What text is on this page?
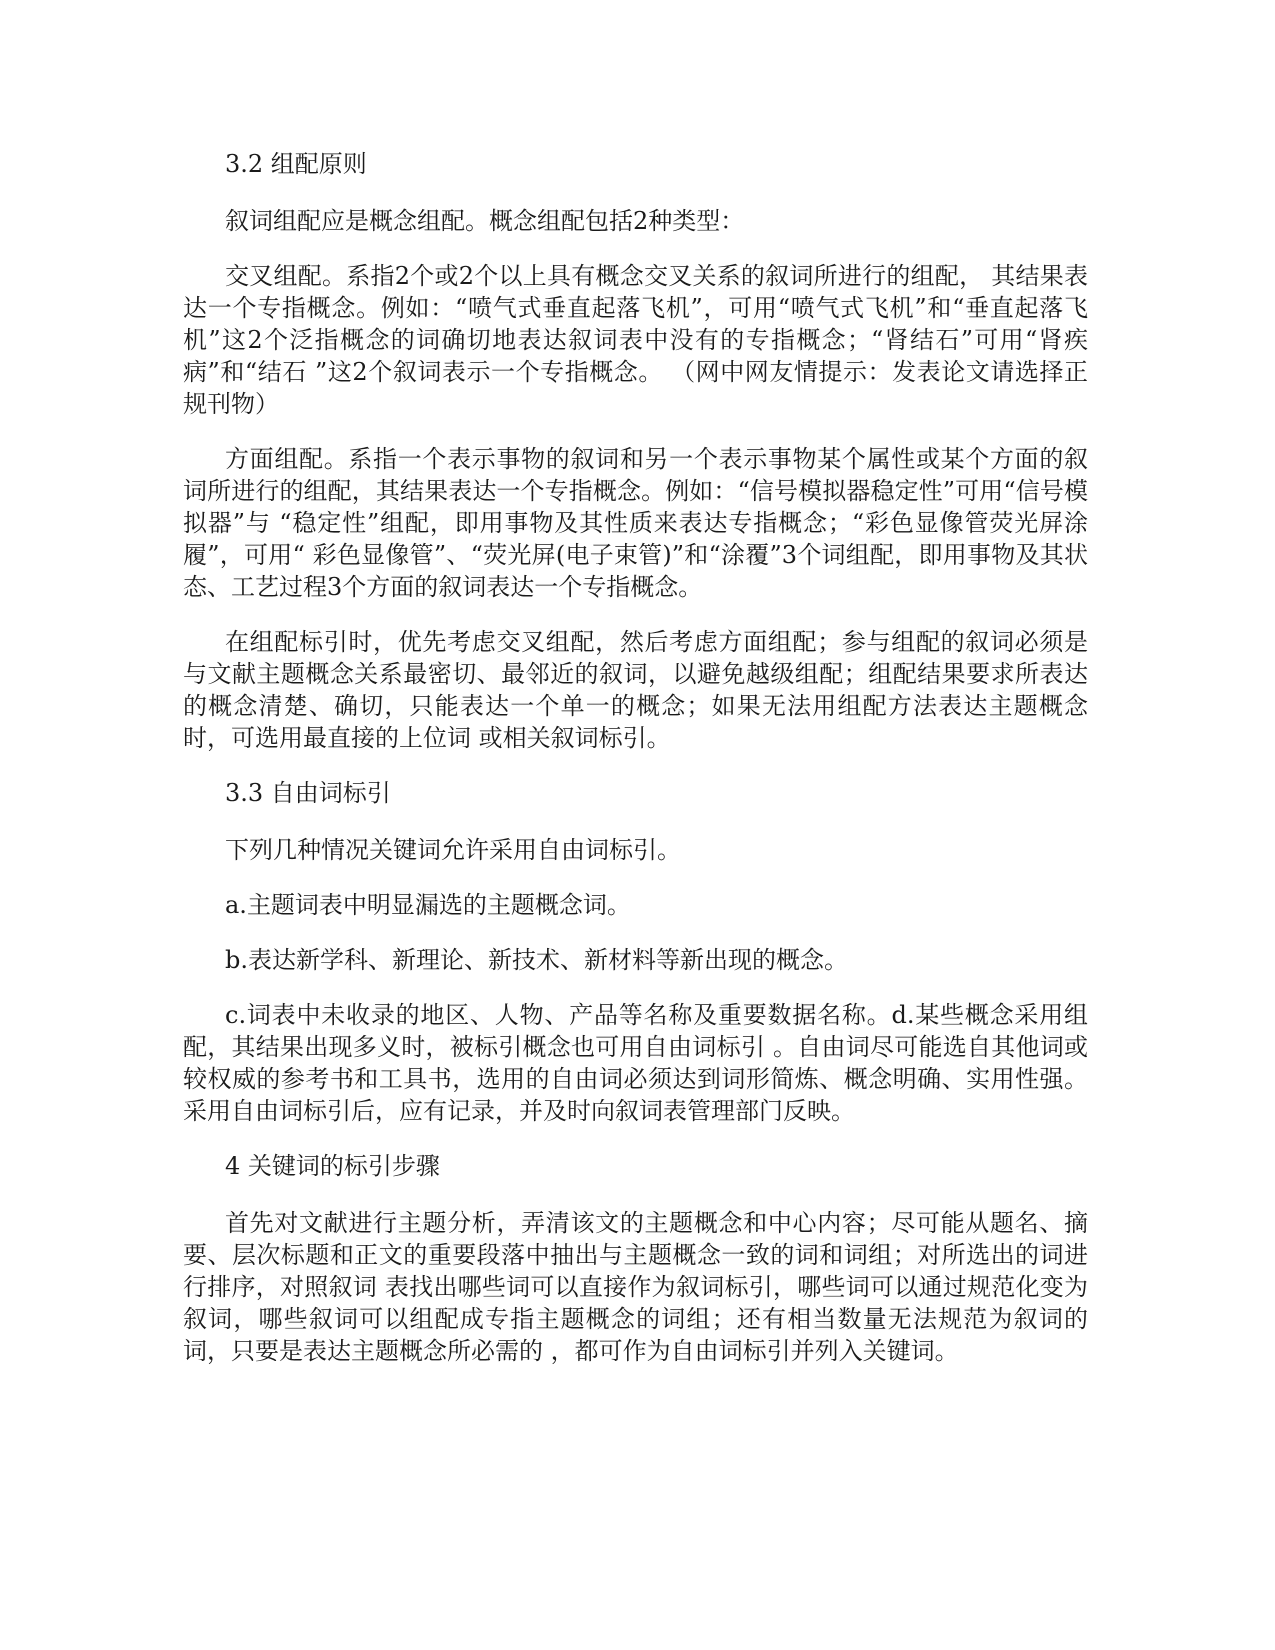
3.2 组配原则

叙词组配应是概念组配。概念组配包括2种类型：

交叉组配。系指2个或2个以上具有概念交叉关系的叙词所进行的组配， 其结果表达一个专指概念。例如：“喷气式垂直起落飞机”，可用“喷气式飞机”和“垂直起落飞机”这2个泛指概念的词确切地表达叙词表中没有的专指概念；“肾结石”可用“肾疾病”和“结石 ”这2个叙词表示一个专指概念。 （网中网友情提示：发表论文请选择正规刊物）

方面组配。系指一个表示事物的叙词和另一个表示事物某个属性或某个方面的叙词所进行的组配，其结果表达一个专指概念。例如：“信号模拟器稳定性”可用“信号模拟器”与 “稳定性”组配，即用事物及其性质来表达专指概念；“彩色显像管荧光屏涂履”，可用“ 彩色显像管”、“荧光屏(电子束管)”和“涂覆”3个词组配，即用事物及其状态、工艺过程3个方面的叙词表达一个专指概念。

在组配标引时，优先考虑交叉组配，然后考虑方面组配；参与组配的叙词必须是与文献主题概念关系最密切、最邻近的叙词，以避免越级组配；组配结果要求所表达的概念清楚、确切，只能表达一个单一的概念；如果无法用组配方法表达主题概念时，可选用最直接的上位词 或相关叙词标引。

3.3 自由词标引

下列几种情况关键词允许采用自由词标引。

a.主题词表中明显漏选的主题概念词。

b.表达新学科、新理论、新技术、新材料等新出现的概念。

c.词表中未收录的地区、人物、产品等名称及重要数据名称。d.某些概念采用组配，其结果出现多义时，被标引概念也可用自由词标引 。自由词尽可能选自其他词或较权威的参考书和工具书，选用的自由词必须达到词形简炼、概念明确、实用性强。采用自由词标引后，应有记录，并及时向叙词表管理部门反映。

4 关键词的标引步骤

首先对文献进行主题分析，弄清该文的主题概念和中心内容；尽可能从题名、摘要、层次标题和正文的重要段落中抽出与主题概念一致的词和词组；对所选出的词进行排序，对照叙词 表找出哪些词可以直接作为叙词标引，哪些词可以通过规范化变为叙词，哪些叙词可以组配成专指主题概念的词组；还有相当数量无法规范为叙词的词，只要是表达主题概念所必需的 ，都可作为自由词标引并列入关键词。
